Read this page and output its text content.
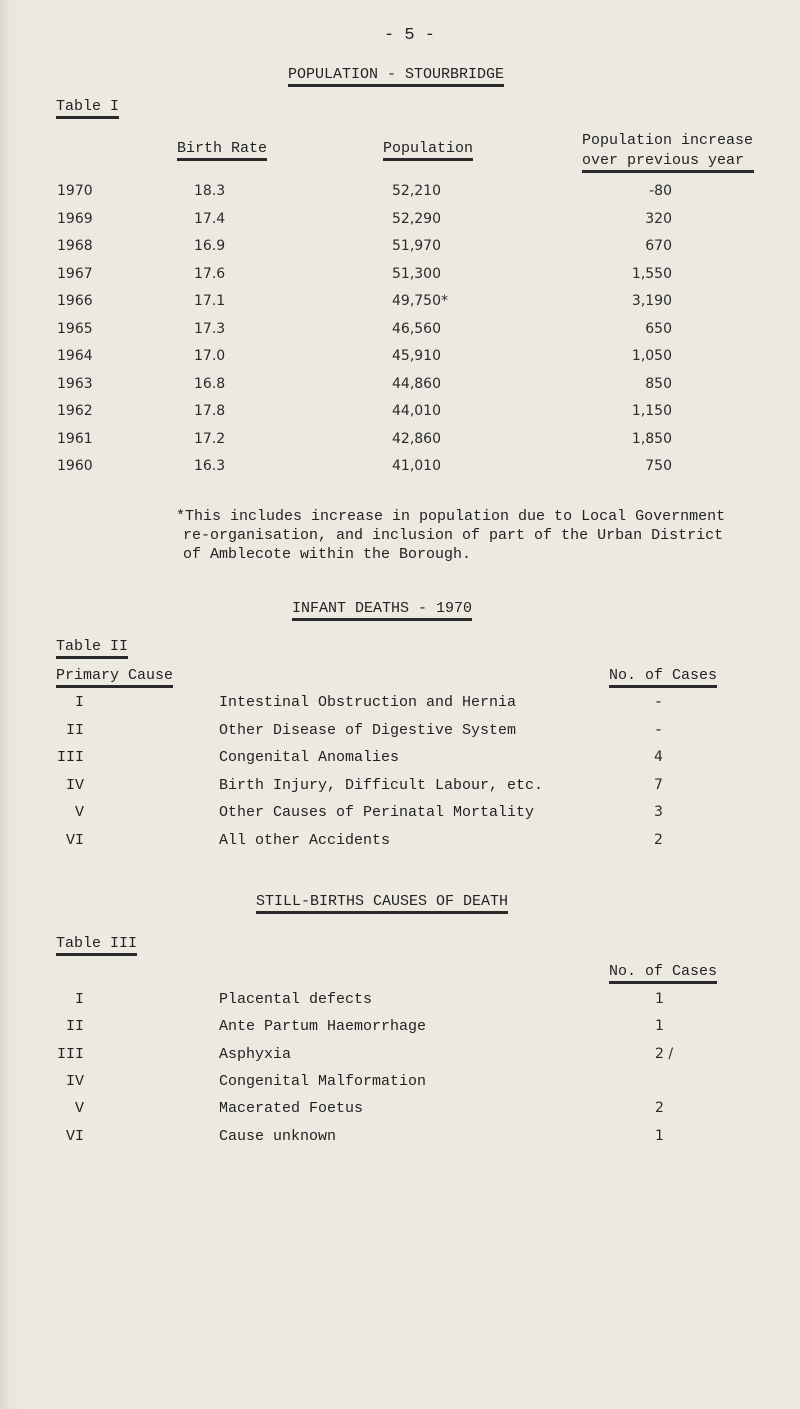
- 5 -
POPULATION - STOURBRIDGE
Table I
Birth Rate	Population	Population increase
over previous year
1970	18.3	52,210	-80
1969	17.4	52,290	320
1968	16.9	51,970	670
1967	17.6	51,300	1,550
1966	17.1	49,750*	3,190
1965	17.3	46,560	650
1964	17.0	45,910	1,050
1963	16.8	44,860	850
1962	17.8	44,010	1,150
1961	17.2	42,860	1,850
1960	16.3	41,010	750
*This includes increase in population due to Local Government
re-organisation, and inclusion of part of the Urban District
of Amblecote within the Borough.
INFANT DEATHS - 1970
Table II
Primary Cause	No. of Cases
I	Intestinal Obstruction and Hernia	-
II	Other Disease of Digestive System	-
III	Congenital Anomalies	4
IV	Birth Injury, Difficult Labour, etc.	7
V	Other Causes of Perinatal Mortality	3
VI	All other Accidents	2
STILL-BIRTHS CAUSES OF DEATH
Table III
No. of Cases
I	Placental defects	1
II	Ante Partum Haemorrhage	1
III	Asphyxia	2 /
IV	Congenital Malformation
V	Macerated Foetus	2
VI	Cause unknown	1
